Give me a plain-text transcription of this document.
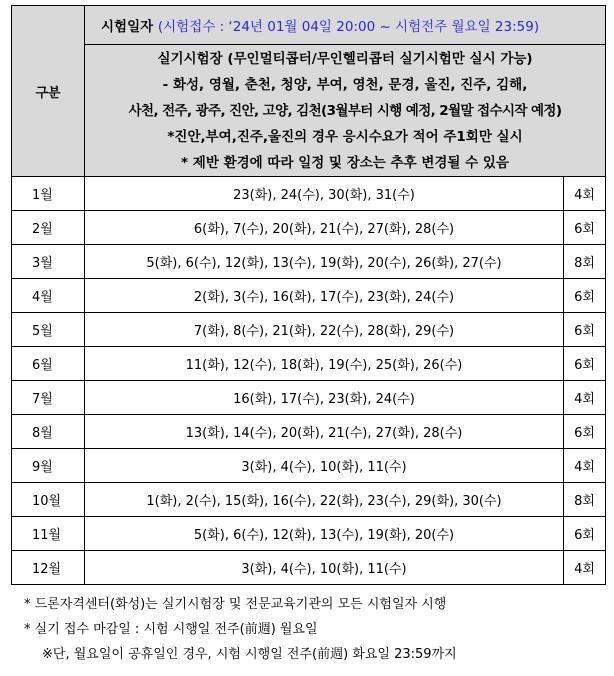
구분	시험일자 (시험접수 : ‘24년 01월 04일 20:00 ~ 시험전주 월요일 23:59)	

	실기시험장 (무인멀티콥터/무인헬리콥터 실기시험만 실시 가능)
- 화성, 영월, 춘천, 청양, 부여, 영천, 문경, 울진, 진주, 김해,
사천, 전주, 광주, 진안, 고양, 김천(3월부터 시행 예정, 2월말 접수시작 예정)
*진안,부여,진주,울진의 경우 응시수요가 적어 주1회만 실시
* 제반 환경에 따라 일정 및 장소는 추후 변경될 수 있음	

1월	23(화), 24(수), 30(화), 31(수)	4회
2월	6(화), 7(수), 20(화), 21(수), 27(화), 28(수)	6회
3월	5(화), 6(수), 12(화), 13(수), 19(화), 20(수), 26(화), 27(수)	8회
4월	2(화), 3(수), 16(화), 17(수), 23(화), 24(수)	6회
5월	7(화), 8(수), 21(화), 22(수), 28(화), 29(수)	6회
6월	11(화), 12(수), 18(화), 19(수), 25(화), 26(수)	6회
7월	16(화), 17(수), 23(화), 24(수)	4회
8월	13(화), 14(수), 20(화), 21(수), 27(화), 28(수)	6회
9월	3(화), 4(수), 10(화), 11(수)	4회
10월	1(화), 2(수), 15(화), 16(수), 22(화), 23(수), 29(화), 30(수)	8회
11월	5(화), 6(수), 12(화), 13(수), 19(화), 20(수)	6회
12월	3(화), 4(수), 10(화), 11(수)	4회
* 드론자격센터(화성)는 실기시험장 및 전문교육기관의 모든 시험일자 시행
* 실기 접수 마감일 : 시험 시행일 전주(前週) 월요일
※단, 월요일이 공휴일인 경우, 시험 시행일 전주(前週) 화요일 23:59까지
